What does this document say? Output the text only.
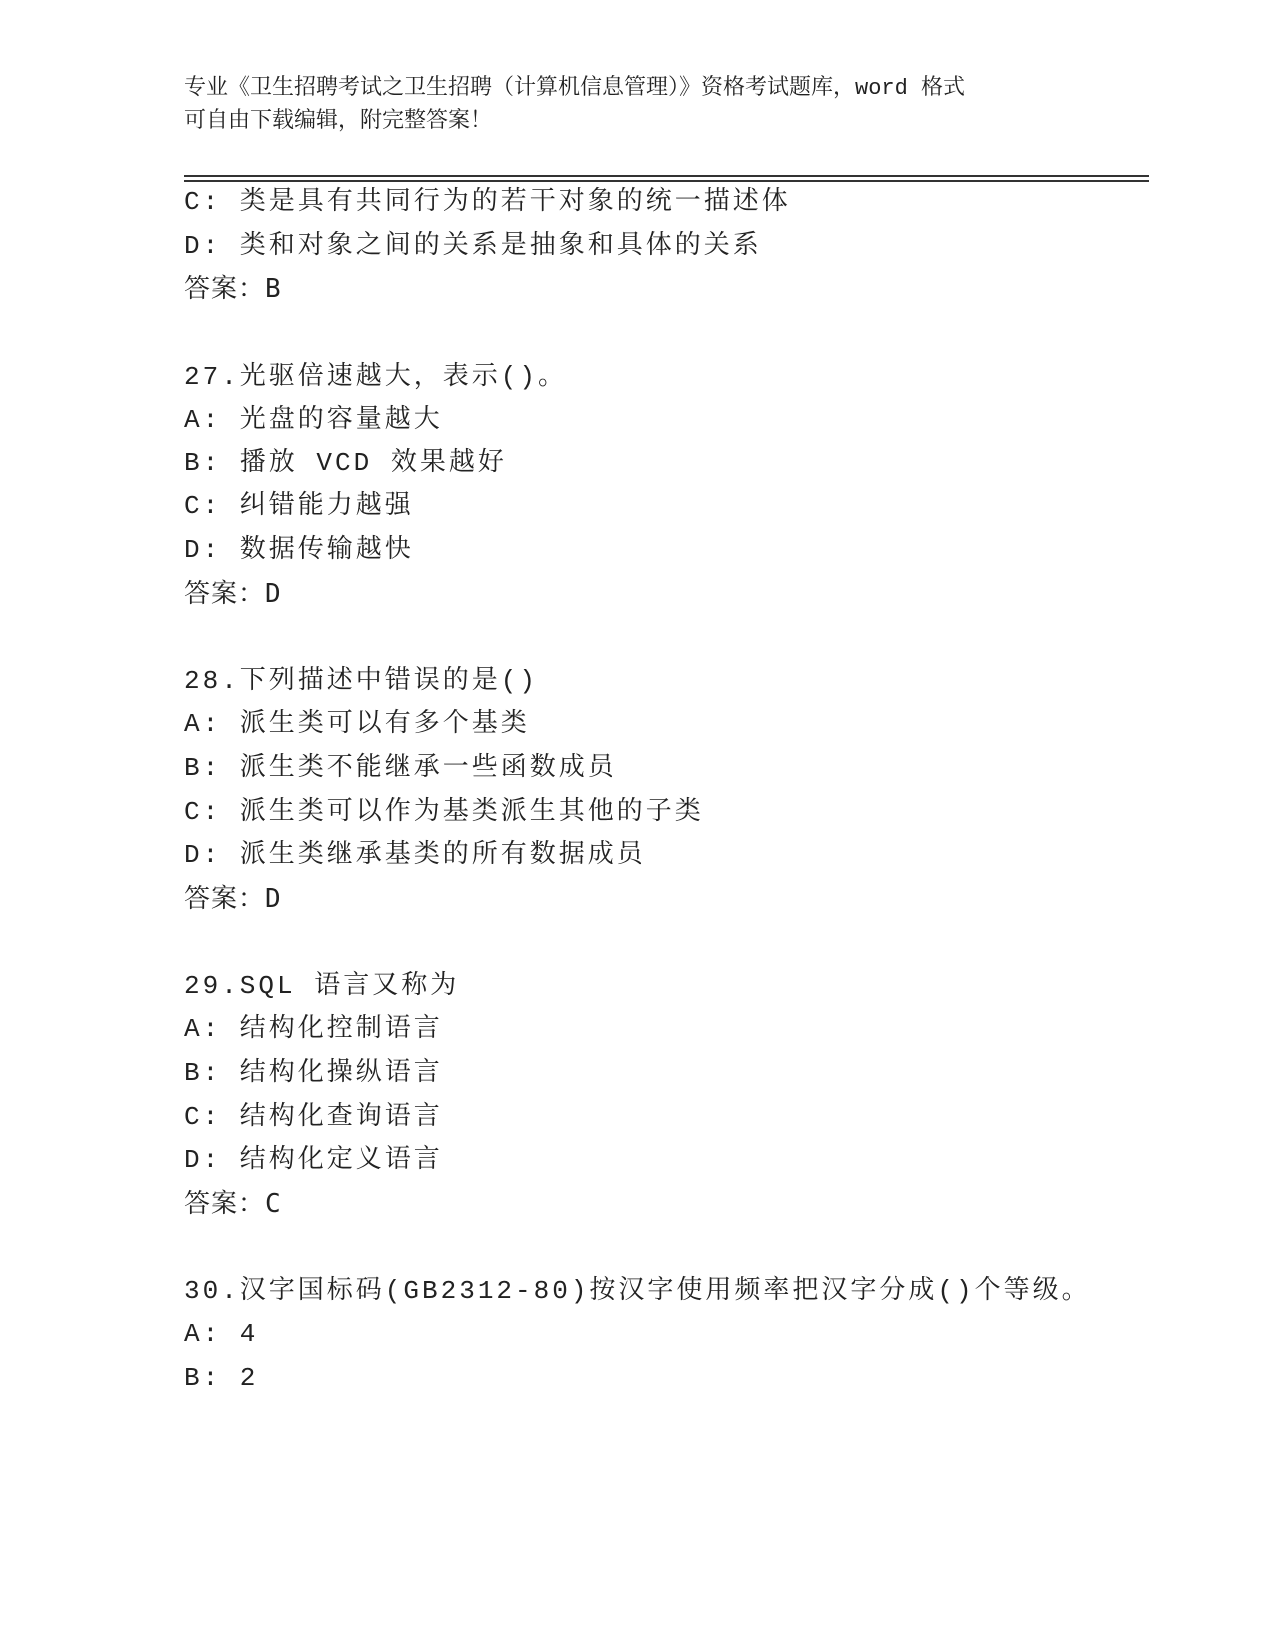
专业《卫生招聘考试之卫生招聘（计算机信息管理）》资格考试题库，word 格式
可自由下载编辑，附完整答案！
C: 类是具有共同行为的若干对象的统一描述体
D: 类和对象之间的关系是抽象和具体的关系
答案：B
27.光驱倍速越大，表示()。
A: 光盘的容量越大
B: 播放 VCD 效果越好
C: 纠错能力越强
D: 数据传输越快
答案：D
28.下列描述中错误的是()
A: 派生类可以有多个基类
B: 派生类不能继承一些函数成员
C: 派生类可以作为基类派生其他的子类
D: 派生类继承基类的所有数据成员
答案：D
29.SQL 语言又称为
A: 结构化控制语言
B: 结构化操纵语言
C: 结构化查询语言
D: 结构化定义语言
答案：C
30.汉字国标码(GB2312-80)按汉字使用频率把汉字分成()个等级。
A: 4
B: 2
